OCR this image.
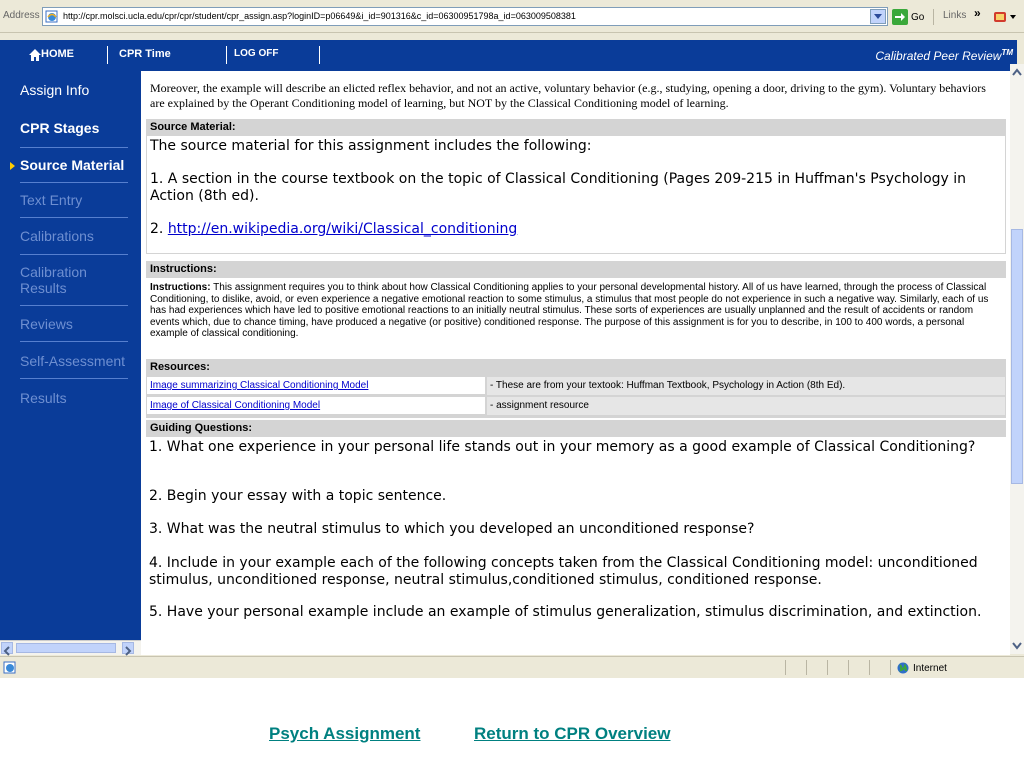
Address	http://cpr.molsci.ucla.edu/cpr/cpr/student/cpr_assign.asp?loginID=p06649&i_id=901316&c_id=06300951798a_id=063009508381	Go Links »
HOME	CPR Time	LOG OFF	Calibrated Peer Review™
Assign Info
CPR Stages
Source Material
Text Entry
Calibrations
Calibration Results
Reviews
Self-Assessment
Results

Moreover, the example will describe an elicted reflex behavior, and not an active, voluntary behavior (e.g., studying, opening a door, driving to the gym). Voluntary behaviors are explained by the Operant Conditioning model of learning, but NOT by the Classical Conditioning model of learning.

Source Material:

The source material for this assignment includes the following:

1. A section in the course textbook on the topic of Classical Conditioning (Pages 209-215 in Huffman's Psychology in Action (8th ed).

2. http://en.wikipedia.org/wiki/Classical_conditioning

Instructions:

Instructions: This assignment requires you to think about how Classical Conditioning applies to your personal developmental history. All of us have learned, through the process of Classical Conditioning, to dislike, avoid, or even experience a negative emotional reaction to some stimulus, a stimulus that most people do not experience in such a negative way. Similarly, each of us has had experiences which have led to positive emotional reactions to an initially neutral stimulus. These sorts of experiences are usually unplanned and the result of accidents or random events which, due to chance timing, have produced a negative (or positive) conditioned response. The purpose of this assignment is for you to describe, in 100 to 400 words, a personal example of classical conditioning.

Resources:
Image summarizing Classical Conditioning Model	- These are from your textook: Huffman Textbook, Psychology in Action (8th Ed).
Image of Classical Conditioning Model	- assignment resource
Guiding Questions:

1. What one experience in your personal life stands out in your memory as a good example of Classical Conditioning?

2. Begin your essay with a topic sentence.

3. What was the neutral stimulus to which you developed an unconditioned response?

4. Include in your example each of the following concepts taken from the Classical Conditioning model: unconditioned stimulus, unconditioned response, neutral stimulus,conditioned stimulus, conditioned response.

5. Have your personal example include an example of stimulus generalization, stimulus discrimination, and extinction.

Internet
Psych Assignment	Return to CPR Overview
